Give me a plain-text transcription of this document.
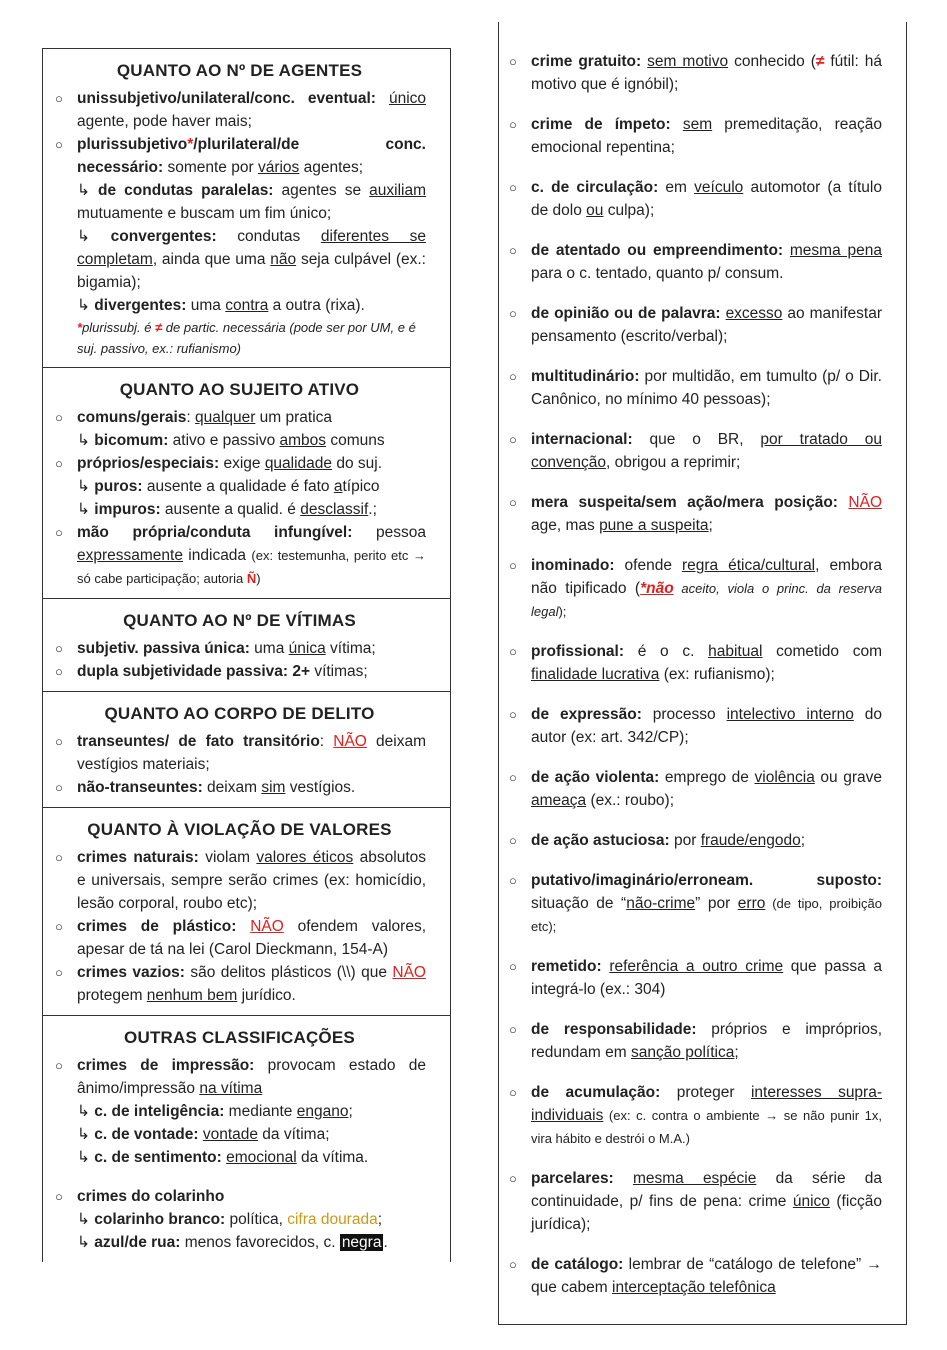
QUANTO AO Nº DE AGENTES
○ unissubjetivo/unilateral/conc. eventual: único agente, pode haver mais;
○ plurissubjetivo*/plurilateral/de conc. necessário: somente por vários agentes;
↳ de condutas paralelas: agentes se auxiliam mutuamente e buscam um fim único;
↳ convergentes: condutas diferentes se completam, ainda que uma não seja culpável (ex.: bigamia);
↳ divergentes: uma contra a outra (rixa).
*plurissubj. é ≠ de partic. necessária (pode ser por UM, e é suj. passivo, ex.: rufianismo)
QUANTO AO SUJEITO ATIVO
○ comuns/gerais: qualquer um pratica
↳ bicomum: ativo e passivo ambos comuns
○ próprios/especiais: exige qualidade do suj.
↳ puros: ausente a qualidade é fato atípico
↳ impuros: ausente a qualid. é desclassif.;
○ mão própria/conduta infungível: pessoa expressamente indicada (ex: testemunha, perito etc → só cabe participação; autoria Ñ)
QUANTO AO Nº DE VÍTIMAS
○ subjetiv. passiva única: uma única vítima;
○ dupla subjetividade passiva: 2+ vítimas;
QUANTO AO CORPO DE DELITO
○ transeuntes/ de fato transitório: NÃO deixam vestígios materiais;
○ não-transeuntes: deixam sim vestígios.
QUANTO À VIOLAÇÃO DE VALORES
○ crimes naturais: violam valores éticos absolutos e universais, sempre serão crimes (ex: homicídio, lesão corporal, roubo etc);
○ crimes de plástico: NÃO ofendem valores, apesar de tá na lei (Carol Dieckmann, 154-A)
○ crimes vazios: são delitos plásticos (\\) que NÃO protegem nenhum bem jurídico.
OUTRAS CLASSIFICAÇÕES
○ crimes de impressão: provocam estado de ânimo/impressão na vítima
↳ c. de inteligência: mediante engano;
↳ c. de vontade: vontade da vítima;
↳ c. de sentimento: emocional da vítima.
○ crimes do colarinho
↳ colarinho branco: política, cifra dourada;
↳ azul/de rua: menos favorecidos, c. negra .
○ crime gratuito: sem motivo conhecido (≠ fútil: há motivo que é ignóbil);
○ crime de ímpeto: sem premeditação, reação emocional repentina;
○ c. de circulação: em veículo automotor (a título de dolo ou culpa);
○ de atentado ou empreendimento: mesma pena para o c. tentado, quanto p/ consum.
○ de opinião ou de palavra: excesso ao manifestar pensamento (escrito/verbal);
○ multitudinário: por multidão, em tumulto (p/ o Dir. Canônico, no mínimo 40 pessoas);
○ internacional: que o BR, por tratado ou convenção, obrigou a reprimir;
○ mera suspeita/sem ação/mera posição: NÃO age, mas pune a suspeita;
○ inominado: ofende regra ética/cultural, embora não tipificado (*não aceito, viola o princ. da reserva legal);
○ profissional: é o c. habitual cometido com finalidade lucrativa (ex: rufianismo);
○ de expressão: processo intelectivo interno do autor (ex: art. 342/CP);
○ de ação violenta: emprego de violência ou grave ameaça (ex.: roubo);
○ de ação astuciosa: por fraude/engodo;
○ putativo/imaginário/erroneam. suposto: situação de “não-crime” por erro (de tipo, proibição etc);
○ remetido: referência a outro crime que passa a integrá-lo (ex.: 304)
○ de responsabilidade: próprios e impróprios, redundam em sanção política;
○ de acumulação: proteger interesses supra-individuais (ex: c. contra o ambiente → se não punir 1x, vira hábito e destrói o M.A.)
○ parcelares: mesma espécie da série da continuidade, p/ fins de pena: crime único (ficção jurídica);
○ de catálogo: lembrar de “catálogo de telefone” → que cabem interceptação telefônica
